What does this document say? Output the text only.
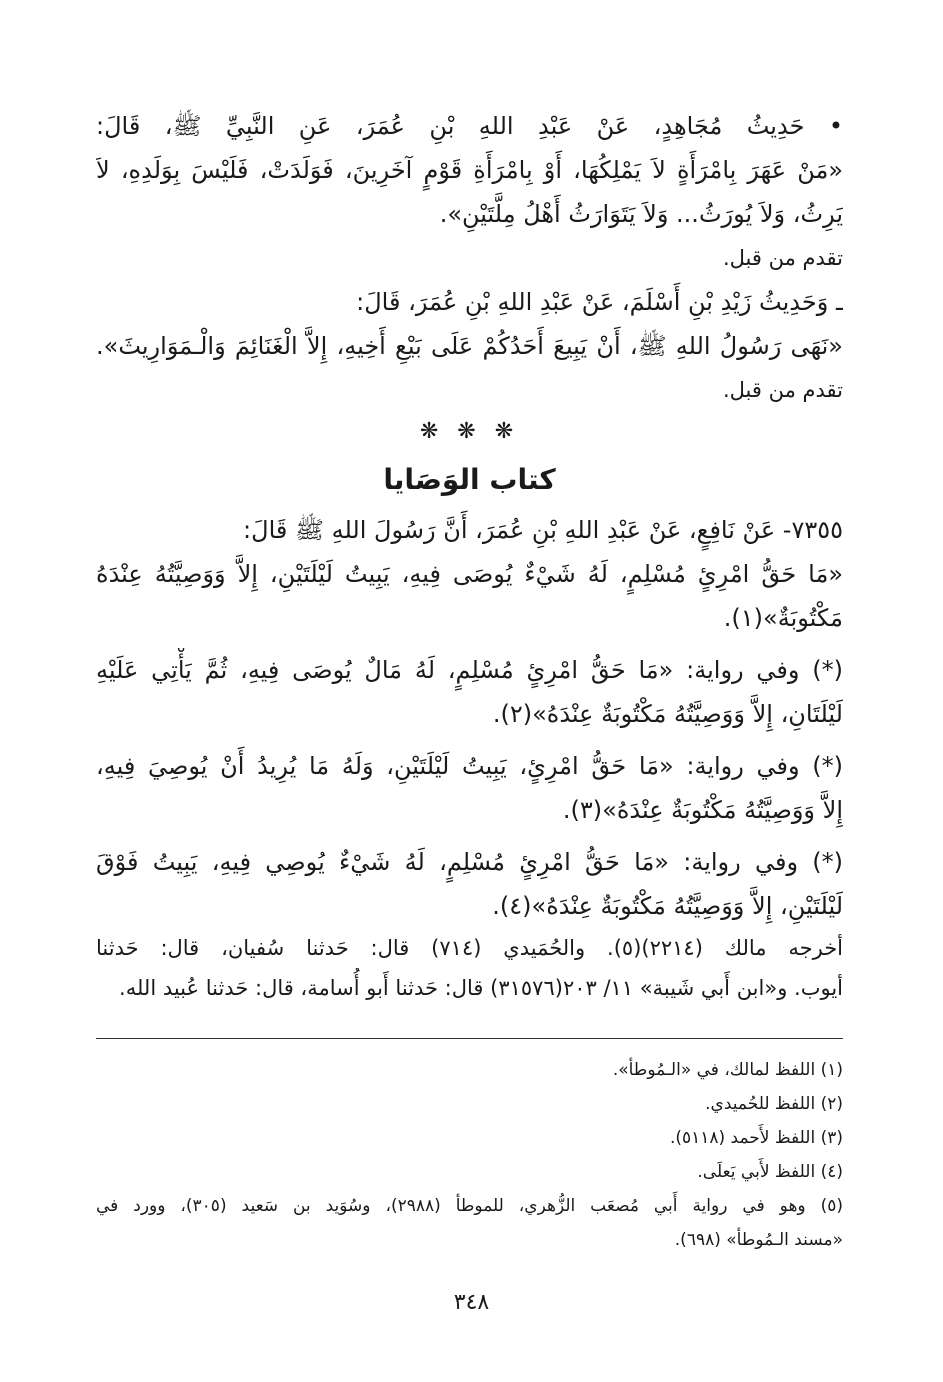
• حَدِيثُ مُجَاهِدٍ، عَنْ عَبْدِ اللهِ بْنِ عُمَرَ، عَنِ النَّبِيِّ ﷺ، قَالَ:
«مَنْ عَهَرَ بِامْرَأَةٍ لاَ يَمْلِكُهَا، أَوْ بِامْرَأَةِ قَوْمٍ آخَرِينَ، فَوَلَدَتْ، فَلَيْسَ بِوَلَدِهِ، لاَ
يَرِثُ، وَلاَ يُورَثُ... وَلاَ يَتَوَارَثُ أَهْلُ مِلَّتَيْنِ».
تقدم من قبل.
ـ وَحَدِيثُ زَيْدِ بْنِ أَسْلَمَ، عَنْ عَبْدِ اللهِ بْنِ عُمَرَ، قَالَ:
«نَهَى رَسُولُ اللهِ ﷺ، أَنْ يَبِيعَ أَحَدُكُمْ عَلَى بَيْعِ أَخِيهِ، إِلاَّ الْغَنَائِمَ وَالْـمَوَارِيثَ».
تقدم من قبل.
❋ ❋ ❋
كتاب الوَصَايا
٧٣٥٥- عَنْ نَافِعٍ، عَنْ عَبْدِ اللهِ بْنِ عُمَرَ، أَنَّ رَسُولَ اللهِ ﷺ قَالَ:
«مَا حَقُّ امْرِئٍ مُسْلِمٍ، لَهُ شَيْءٌ يُوصَى فِيهِ، يَبِيتُ لَيْلَتَيْنِ، إِلاَّ وَوَصِيَّتُهُ عِنْدَهُ
مَكْتُوبَةٌ»(١).
(*) وفي رواية: «مَا حَقُّ امْرِئٍ مُسْلِمٍ، لَهُ مَالٌ يُوصَى فِيهِ، ثُمَّ يَأْتِي عَلَيْهِ
لَيْلَتَانِ، إِلاَّ وَوَصِيَّتُهُ مَكْتُوبَةٌ عِنْدَهُ»(٢).
(*) وفي رواية: «مَا حَقُّ امْرِئٍ، يَبِيتُ لَيْلَتَيْنِ، وَلَهُ مَا يُرِيدُ أَنْ يُوصِيَ فِيهِ،
إِلاَّ وَوَصِيَّتُهُ مَكْتُوبَةٌ عِنْدَهُ»(٣).
(*) وفي رواية: «مَا حَقُّ امْرِئٍ مُسْلِمٍ، لَهُ شَيْءٌ يُوصِي فِيهِ، يَبِيتُ فَوْقَ
لَيْلَتَيْنِ، إِلاَّ وَوَصِيَّتُهُ مَكْتُوبَةٌ عِنْدَهُ»(٤).
أخرجه مالك (٢٢١٤)(٥). والحُمَيدي (٧١٤) قال: حَدثنا سُفيان، قال: حَدثنا
أيوب. و«ابن أَبي شَيبة» ١١/ ٢٠٣(٣١٥٧٦) قال: حَدثنا أَبو أُسامة، قال: حَدثنا عُبيد الله.
(١) اللفظ لمالك، في «الـمُوطأ».
(٢) اللفظ للحُميدي.
(٣) اللفظ لأَحمد (٥١١٨).
(٤) اللفظ لأَبي يَعلَى.
(٥) وهو في رواية أَبي مُصعَب الزُّهري، للموطأ (٢٩٨٨)، وسُوَيد بن سَعيد (٣٠٥)، وورد في
«مسند الـمُوطأ» (٦٩٨).
٣٤٨
